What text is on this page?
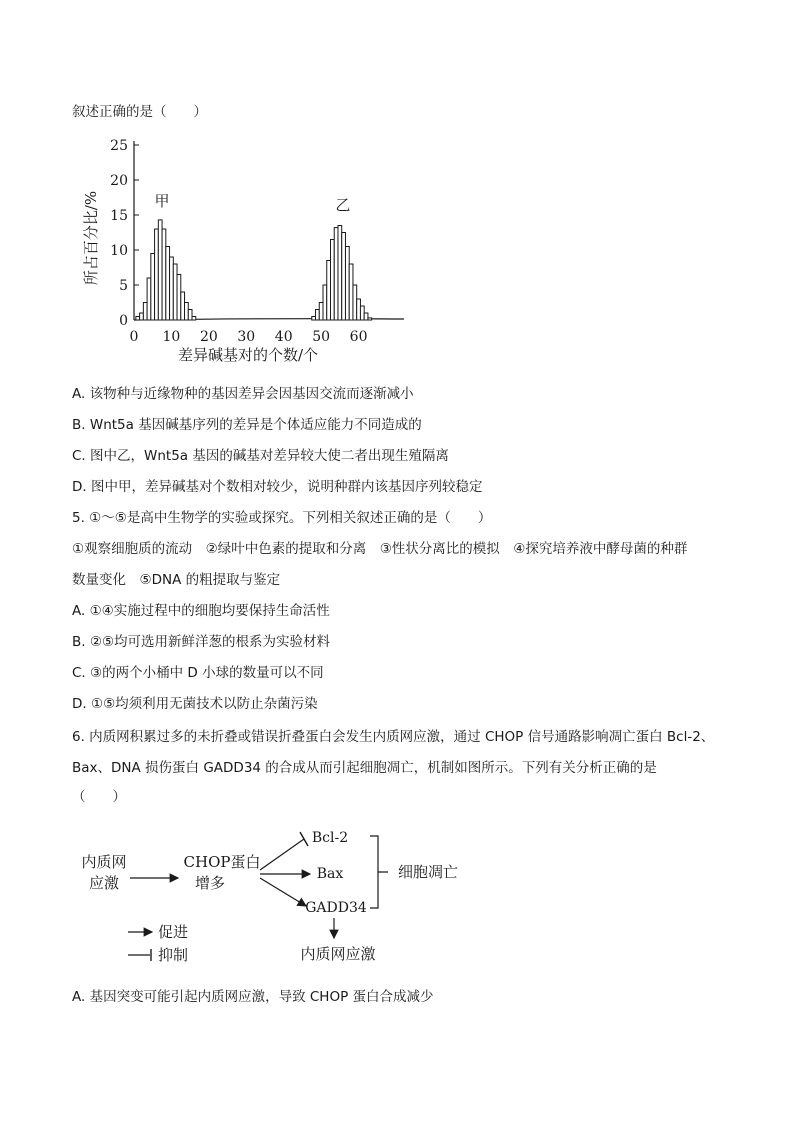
叙述正确的是（　　）
0
5
10
15
20
25
0 10 20 30 40 50 60
所占百分比/%
差异碱基对的个数/个
甲	乙
A. 该物种与近缘物种的基因差异会因基因交流而逐渐减小
B. Wnt5a 基因碱基序列的差异是个体适应能力不同造成的
C. 图中乙，Wnt5a 基因的碱基对差异较大使二者出现生殖隔离
D. 图中甲，差异碱基对个数相对较少，说明种群内该基因序列较稳定
5. ①～⑤是高中生物学的实验或探究。下列相关叙述正确的是（　　）
①观察细胞质的流动　②绿叶中色素的提取和分离　③性状分离比的模拟　④探究培养液中酵母菌的种群
数量变化　⑤DNA 的粗提取与鉴定
A. ①④实施过程中的细胞均要保持生命活性
B. ②⑤均可选用新鲜洋葱的根系为实验材料
C. ③的两个小桶中 D 小球的数量可以不同
D. ①⑤均须利用无菌技术以防止杂菌污染
6. 内质网积累过多的未折叠或错误折叠蛋白会发生内质网应激，通过 CHOP 信号通路影响凋亡蛋白 Bcl-2、
Bax、DNA 损伤蛋白 GADD34 的合成从而引起细胞凋亡，机制如图所示。下列有关分析正确的是
（　　）
内质网
应激
CHOP蛋白
增多
Bcl-2
Bax
GADD34
细胞凋亡
内质网应激
促进
抑制
A. 基因突变可能引起内质网应激，导致 CHOP 蛋白合成减少
